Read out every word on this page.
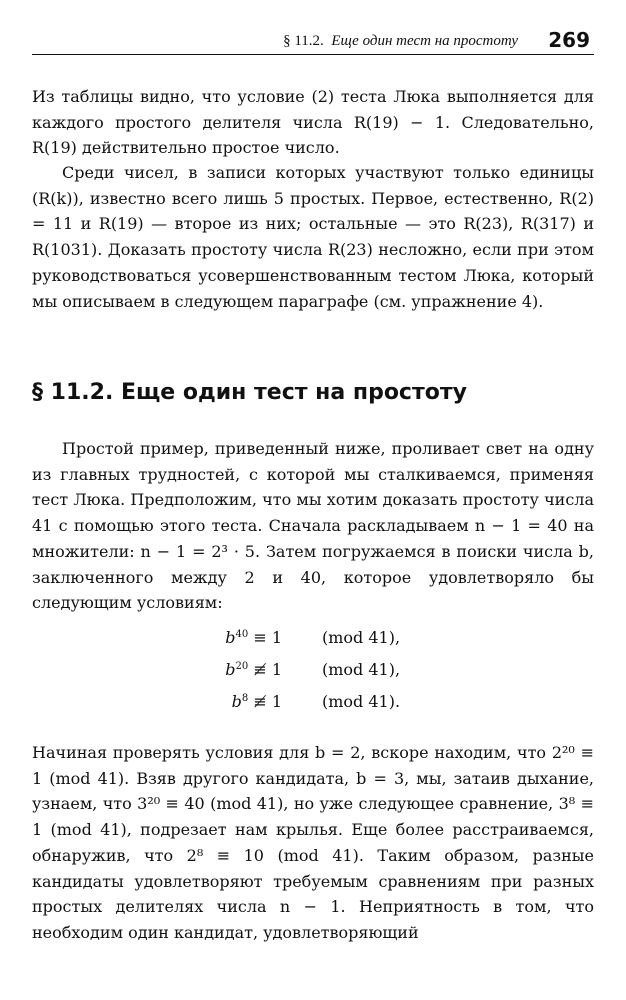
§ 11.2. Еще один тест на простоту 269

Из таблицы видно, что условие (2) теста Люка выполняется для каждого простого делителя числа R(19) − 1. Следовательно, R(19) действительно простое число.

Среди чисел, в записи которых участвуют только единицы (R(k)), известно всего лишь 5 простых. Первое, естественно, R(2) = 11 и R(19) — второе из них; остальные — это R(23), R(317) и R(1031). Доказать простоту числа R(23) несложно, если при этом руководствоваться усовершенствованным тестом Люка, который мы описываем в следующем параграфе (см. упражнение 4).

§ 11.2. Еще один тест на простоту

Простой пример, приведенный ниже, проливает свет на одну из главных трудностей, с которой мы сталкиваемся, применяя тест Люка. Предположим, что мы хотим доказать простоту числа 41 с помощью этого теста. Сначала раскладываем n − 1 = 40 на множители: n − 1 = 2³ · 5. Затем погружаемся в поиски числа b, заключенного между 2 и 40, которое удовлетворяло бы следующим условиям:

$b^{40} \equiv 1$	(mod 41),
$b^{20}$ ≢ 1	(mod 41),
$b^8$ ≢ 1	(mod 41).

Начиная проверять условия для b = 2, вскоре находим, что 2²⁰ ≡ 1 (mod 41). Взяв другого кандидата, b = 3, мы, затаив дыхание, узнаем, что 3²⁰ ≡ 40 (mod 41), но уже следующее сравнение, 3⁸ ≡ 1 (mod 41), подрезает нам крылья. Еще более расстраиваемся, обнаружив, что 2⁸ ≡ 10 (mod 41). Таким образом, разные кандидаты удовлетворяют требуемым сравнениям при разных простых делителях числа n − 1. Неприятность в том, что необходим один кандидат, удовлетворяющий
